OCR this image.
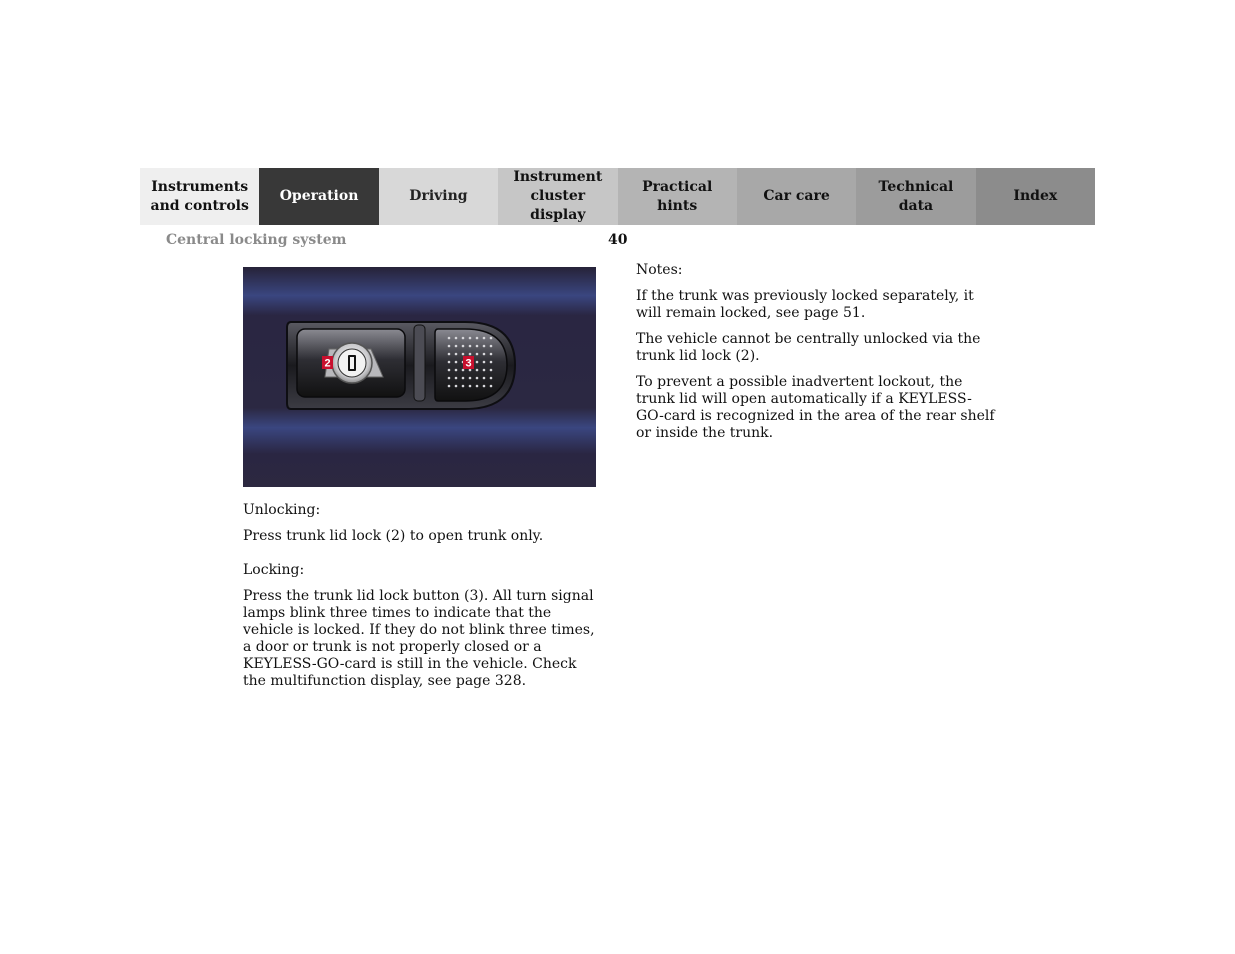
Instruments
and controls
Operation	Driving
Instrument
cluster display
Practical hints
Car care
Technical
data
Index
Central locking system	40
2	3

Unlocking:

Press trunk lid lock (2) to open trunk only.

Locking:

Press the trunk lid lock button (3). All turn signal lamps blink three times to indicate that the vehicle is locked. If they do not blink three times, a door or trunk is not properly closed or a KEYLESS-GO-card is still in the vehicle. Check the multifunction display, see page 328.

Notes:

If the trunk was previously locked separately, it will remain locked, see page 51.

The vehicle cannot be centrally unlocked via the trunk lid lock (2).

To prevent a possible inadvertent lockout, the trunk lid will open automatically if a KEYLESS-GO-card is recognized in the area of the rear shelf or inside the trunk.
